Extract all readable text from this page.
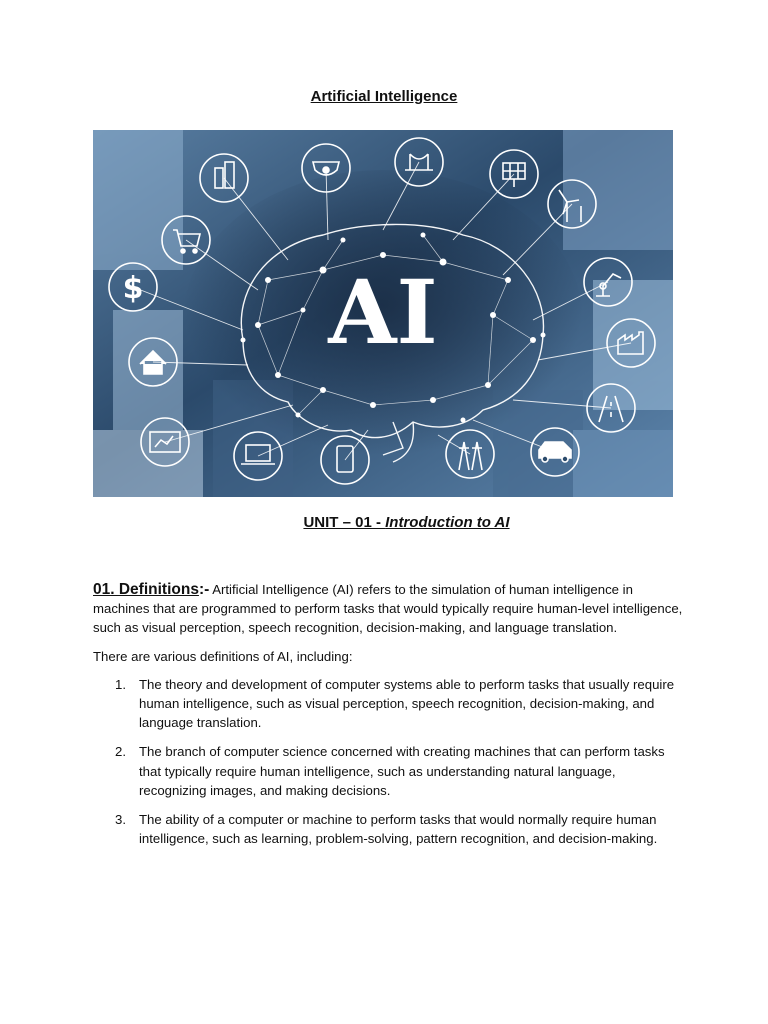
Artificial Intelligence
AI
$
UNIT – 01 - Introduction to AI

01. Definitions:- Artificial Intelligence (AI) refers to the simulation of human intelligence in machines that are programmed to perform tasks that would typically require human-level intelligence, such as visual perception, speech recognition, decision-making, and language translation.

There are various definitions of AI, including:

1. The theory and development of computer systems able to perform tasks that usually require human intelligence, such as visual perception, speech recognition, decision-making, and language translation.
2. The branch of computer science concerned with creating machines that can perform tasks that typically require human intelligence, such as understanding natural language, recognizing images, and making decisions.
3. The ability of a computer or machine to perform tasks that would normally require human intelligence, such as learning, problem-solving, pattern recognition, and decision-making.
